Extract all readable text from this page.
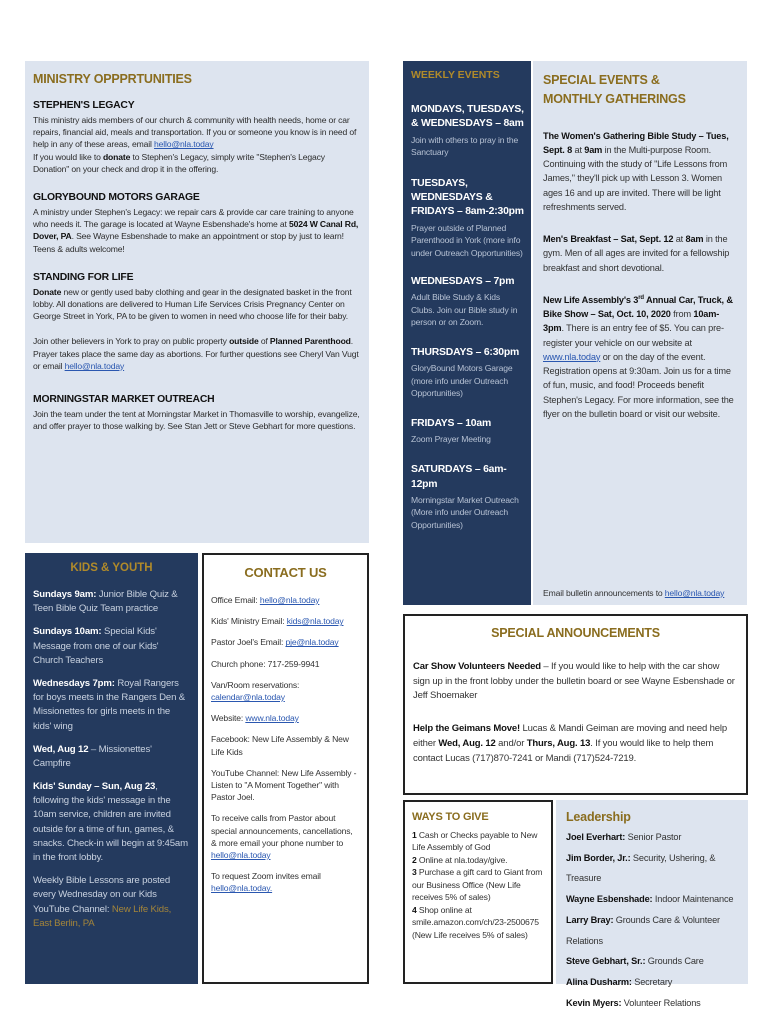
MINISTRY OPPPRTUNITIES
STEPHEN'S LEGACY

This ministry aids members of our church & community with health needs, home or car repairs, financial aid, meals and transportation. If you or someone you know is in need of help in any of these areas, email hello@nla.today

If you would like to donate to Stephen's Legacy, simply write "Stephen's Legacy Donation" on your check and drop it in the offering.

GLORYBOUND MOTORS GARAGE

A ministry under Stephen's Legacy: we repair cars & provide car care training to anyone who needs it. The garage is located at Wayne Esbenshade's home at 5024 W Canal Rd, Dover, PA. See Wayne Esbenshade to make an appointment or stop by just to learn! Teens & adults welcome!

STANDING FOR LIFE

Donate new or gently used baby clothing and gear in the designated basket in the front lobby. All donations are delivered to Human Life Services Crisis Pregnancy Center on George Street in York, PA to be given to women in need who choose life for their baby.

Join other believers in York to pray on public property outside of Planned Parenthood. Prayer takes place the same day as abortions. For further questions see Cheryl Van Vugt or email hello@nla.today

MORNINGSTAR MARKET OUTREACH

Join the team under the tent at Morningstar Market in Thomasville to worship, evangelize, and offer prayer to those walking by. See Stan Jett or Steve Gebhart for more questions.

WEEKLY EVENTS
MONDAYS, TUESDAYS, & WEDNESDAYS – 8am
Join with others to pray in the Sanctuary
TUESDAYS, WEDNESDAYS & FRIDAYS – 8am-2:30pm
Prayer outside of Planned Parenthood in York (more info under Outreach Opportunities)
WEDNESDAYS – 7pm
Adult Bible Study & Kids Clubs. Join our Bible study in person or on Zoom.
THURSDAYS – 6:30pm
GloryBound Motors Garage (more info under Outreach Opportunities)
FRIDAYS – 10am
Zoom Prayer Meeting
SATURDAYS – 6am-12pm
Morningstar Market Outreach (More info under Outreach Opportunities)
SPECIAL EVENTS &
MONTHLY GATHERINGS

The Women's Gathering Bible Study – Tues, Sept. 8 at 9am in the Multi-purpose Room. Continuing with the study of "Life Lessons from James," they'll pick up with Lesson 3. Women ages 16 and up are invited. There will be light refreshments served.

Men's Breakfast – Sat, Sept. 12 at 8am in the gym. Men of all ages are invited for a fellowship breakfast and short devotional.

New Life Assembly's 3rd Annual Car, Truck, & Bike Show – Sat, Oct. 10, 2020 from 10am-3pm. There is an entry fee of $5. You can pre-register your vehicle on our website at www.nla.today or on the day of the event. Registration opens at 9:30am. Join us for a time of fun, music, and food! Proceeds benefit Stephen's Legacy. For more information, see the flyer on the bulletin board or visit our website.

Email bulletin announcements to hello@nla.today
KIDS & YOUTH

Sundays 9am: Junior Bible Quiz & Teen Bible Quiz Team practice

Sundays 10am: Special Kids' Message from one of our Kids' Church Teachers

Wednesdays 7pm: Royal Rangers for boys meets in the Rangers Den & Missionettes for girls meets in the kids' wing

Wed, Aug 12 – Missionettes' Campfire

Kids' Sunday – Sun, Aug 23, following the kids' message in the 10am service, children are invited outside for a time of fun, games, & snacks. Check-in will begin at 9:45am in the front lobby.

Weekly Bible Lessons are posted every Wednesday on our Kids YouTube Channel: New Life Kids, East Berlin, PA

CONTACT US
Office Email: hello@nla.today
Kids' Ministry Email: kids@nla.today
Pastor Joel's Email: pje@nla.today
Church phone: 717-259-9941
Van/Room reservations:
calendar@nla.today
Website: www.nla.today
Facebook: New Life Assembly & New Life Kids
YouTube Channel: New Life Assembly - Listen to "A Moment Together" with Pastor Joel.
To receive calls from Pastor about special announcements, cancellations, & more email your phone number to
hello@nla.today
To request Zoom invites email
hello@nla.today.
SPECIAL ANNOUNCEMENTS

Car Show Volunteers Needed – If you would like to help with the car show sign up in the front lobby under the bulletin board or see Wayne Esbenshade or Jeff Shoemaker

Help the Geimans Move! Lucas & Mandi Geiman are moving and need help either Wed, Aug. 12 and/or Thurs, Aug. 13. If you would like to help them contact Lucas (717)870-7241 or Mandi (717)524-7219.

WAYS TO GIVE
1 Cash or Checks payable to New Life Assembly of God
2 Online at nla.today/give.
3 Purchase a gift card to Giant from our Business Office (New Life receives 5% of sales)
4 Shop online at smile.amazon.com/ch/23-2500675 (New Life receives 5% of sales)
Leadership
Joel Everhart: Senior Pastor
Jim Border, Jr.: Security, Ushering, & Treasure
Wayne Esbenshade: Indoor Maintenance
Larry Bray: Grounds Care & Volunteer Relations
Steve Gebhart, Sr.: Grounds Care
Alina Dusharm: Secretary
Kevin Myers: Volunteer Relations
